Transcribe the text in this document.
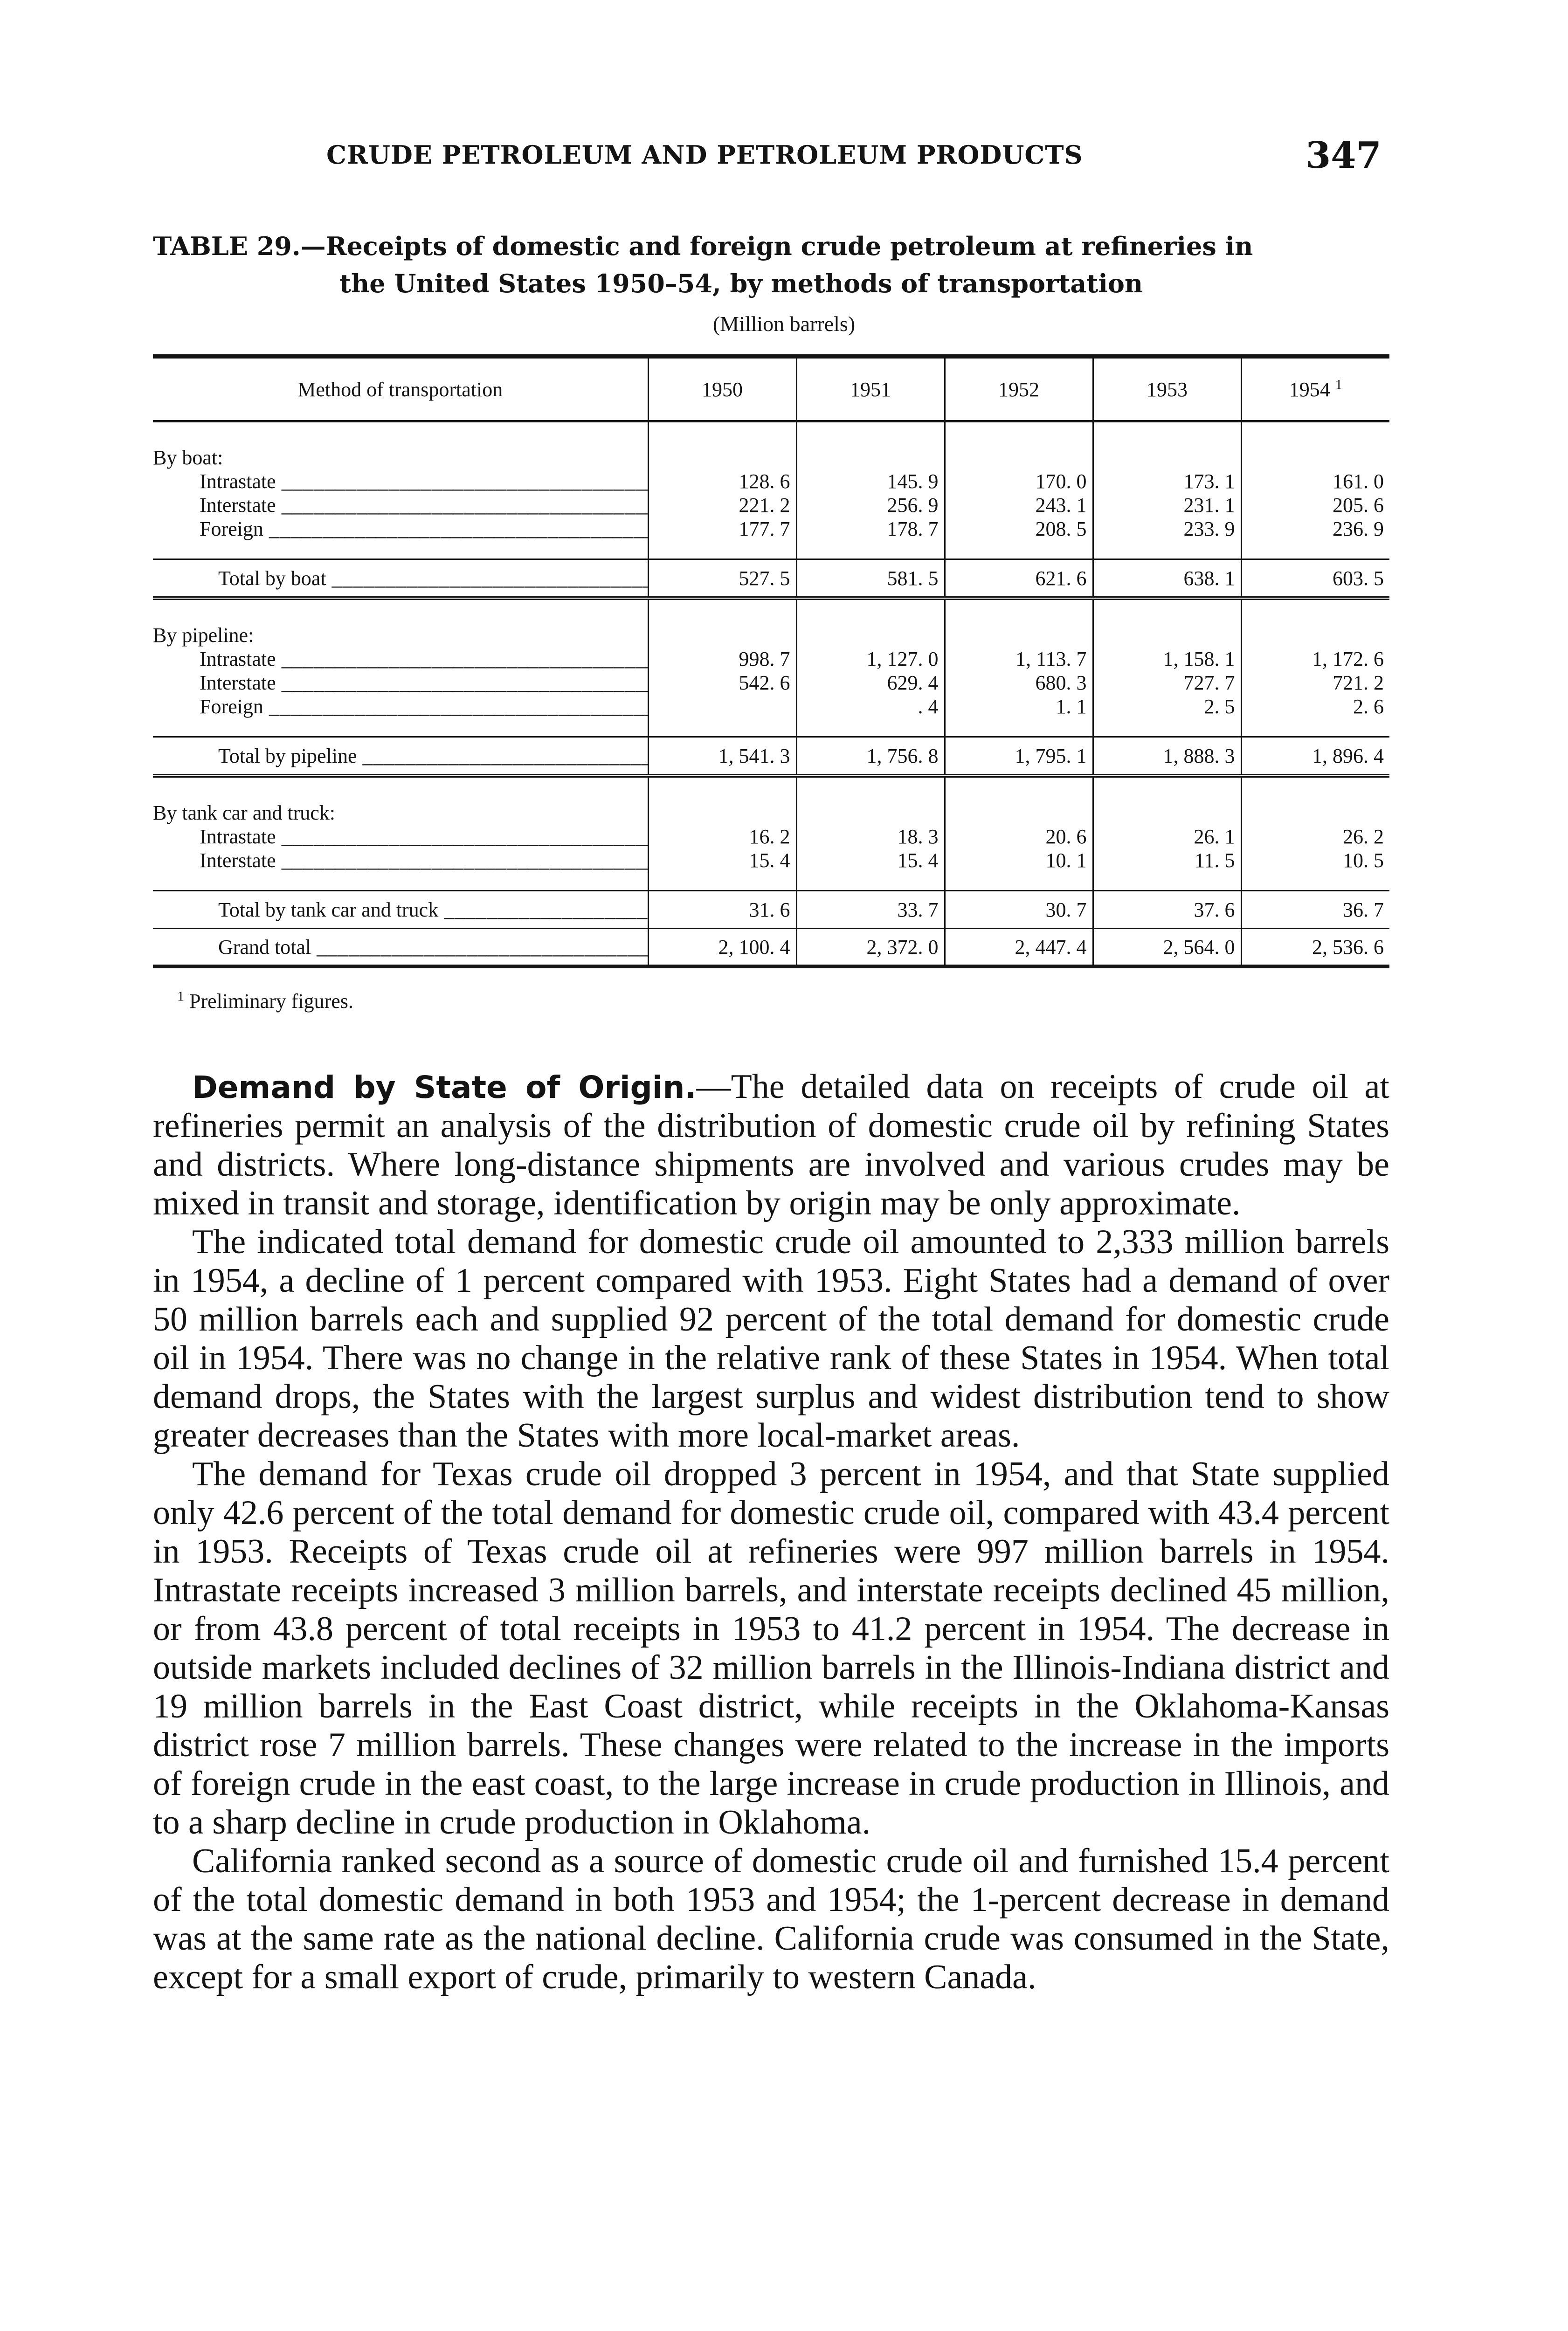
CRUDE PETROLEUM AND PETROLEUM PRODUCTS	347
TABLE 29.—Receipts of domestic and foreign crude petroleum at refineries in
the United States 1950–54, by methods of transportation
(Million barrels)
Method of transportation	1950	1951	1952	1953	1954 $^1$
By boat:					
Intrastate _____	128. 6	145. 9	170. 0	173. 1	161. 0
Interstate _____	221. 2	256. 9	243. 1	231. 1	205. 6
Foreign _____	177. 7	178. 7	208. 5	233. 9	236. 9

Total by boat _____	527. 5	581. 5	621. 6	638. 1	603. 5
By pipeline:					
Intrastate _____	998. 7	1, 127. 0	1, 113. 7	1, 158. 1	1, 172. 6
Interstate _____	542. 6	629. 4	680. 3	727. 7	721. 2
Foreign _____		. 4	1. 1	2. 5	2. 6

Total by pipeline _____	1, 541. 3	1, 756. 8	1, 795. 1	1, 888. 3	1, 896. 4
By tank car and truck:					
Intrastate _____	16. 2	18. 3	20. 6	26. 1	26. 2
Interstate _____	15. 4	15. 4	10. 1	11. 5	10. 5

Total by tank car and truck _____	31. 6	33. 7	30. 7	37. 6	36. 7
Grand total _____	2, 100. 4	2, 372. 0	2, 447. 4	2, 564. 0	2, 536. 6
$^1$ Preliminary figures.

Demand by State of Origin.—The detailed data on receipts of crude oil at refineries permit an analysis of the distribution of domestic crude oil by refining States and districts. Where long-distance shipments are involved and various crudes may be mixed in transit and storage, identification by origin may be only approximate.

The indicated total demand for domestic crude oil amounted to 2,333 million barrels in 1954, a decline of 1 percent compared with 1953. Eight States had a demand of over 50 million barrels each and supplied 92 percent of the total demand for domestic crude oil in 1954. There was no change in the relative rank of these States in 1954. When total demand drops, the States with the largest surplus and widest distribution tend to show greater decreases than the States with more local-market areas.

The demand for Texas crude oil dropped 3 percent in 1954, and that State supplied only 42.6 percent of the total demand for domestic crude oil, compared with 43.4 percent in 1953. Receipts of Texas crude oil at refineries were 997 million barrels in 1954. Intrastate receipts increased 3 million barrels, and interstate receipts declined 45 million, or from 43.8 percent of total receipts in 1953 to 41.2 percent in 1954. The decrease in outside markets included declines of 32 million barrels in the Illinois-Indiana district and 19 million barrels in the East Coast district, while receipts in the Oklahoma-Kansas district rose 7 million barrels. These changes were related to the increase in the imports of foreign crude in the east coast, to the large increase in crude production in Illinois, and to a sharp decline in crude production in Oklahoma.

California ranked second as a source of domestic crude oil and furnished 15.4 percent of the total domestic demand in both 1953 and 1954; the 1-percent decrease in demand was at the same rate as the national decline. California crude was consumed in the State, except for a small export of crude, primarily to western Canada.
